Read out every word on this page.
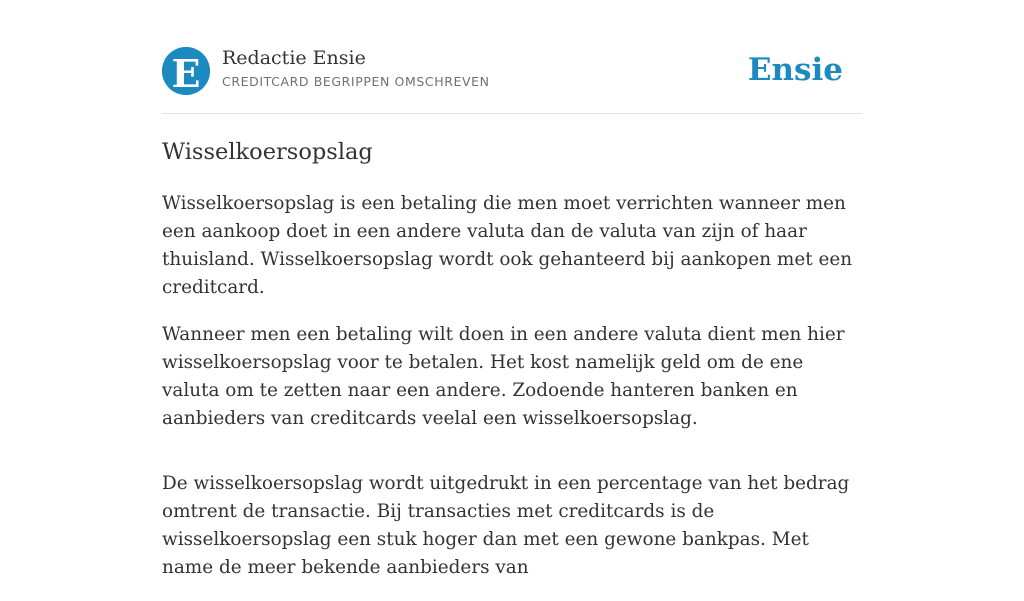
E Redactie Ensie
CREDITCARD BEGRIPPEN OMSCHREVEN	Ensie
Wisselkoersopslag

Wisselkoersopslag is een betaling die men moet verrichten wanneer men een aankoop doet in een andere valuta dan de valuta van zijn of haar thuisland. Wisselkoersopslag wordt ook gehanteerd bij aankopen met een creditcard.

Wanneer men een betaling wilt doen in een andere valuta dient men hier wisselkoersopslag voor te betalen. Het kost namelijk geld om de ene valuta om te zetten naar een andere. Zodoende hanteren banken en aanbieders van creditcards veelal een wisselkoersopslag.

De wisselkoersopslag wordt uitgedrukt in een percentage van het bedrag omtrent de transactie. Bij transacties met creditcards is de wisselkoersopslag een stuk hoger dan met een gewone bankpas. Met name de meer bekende aanbieders van
